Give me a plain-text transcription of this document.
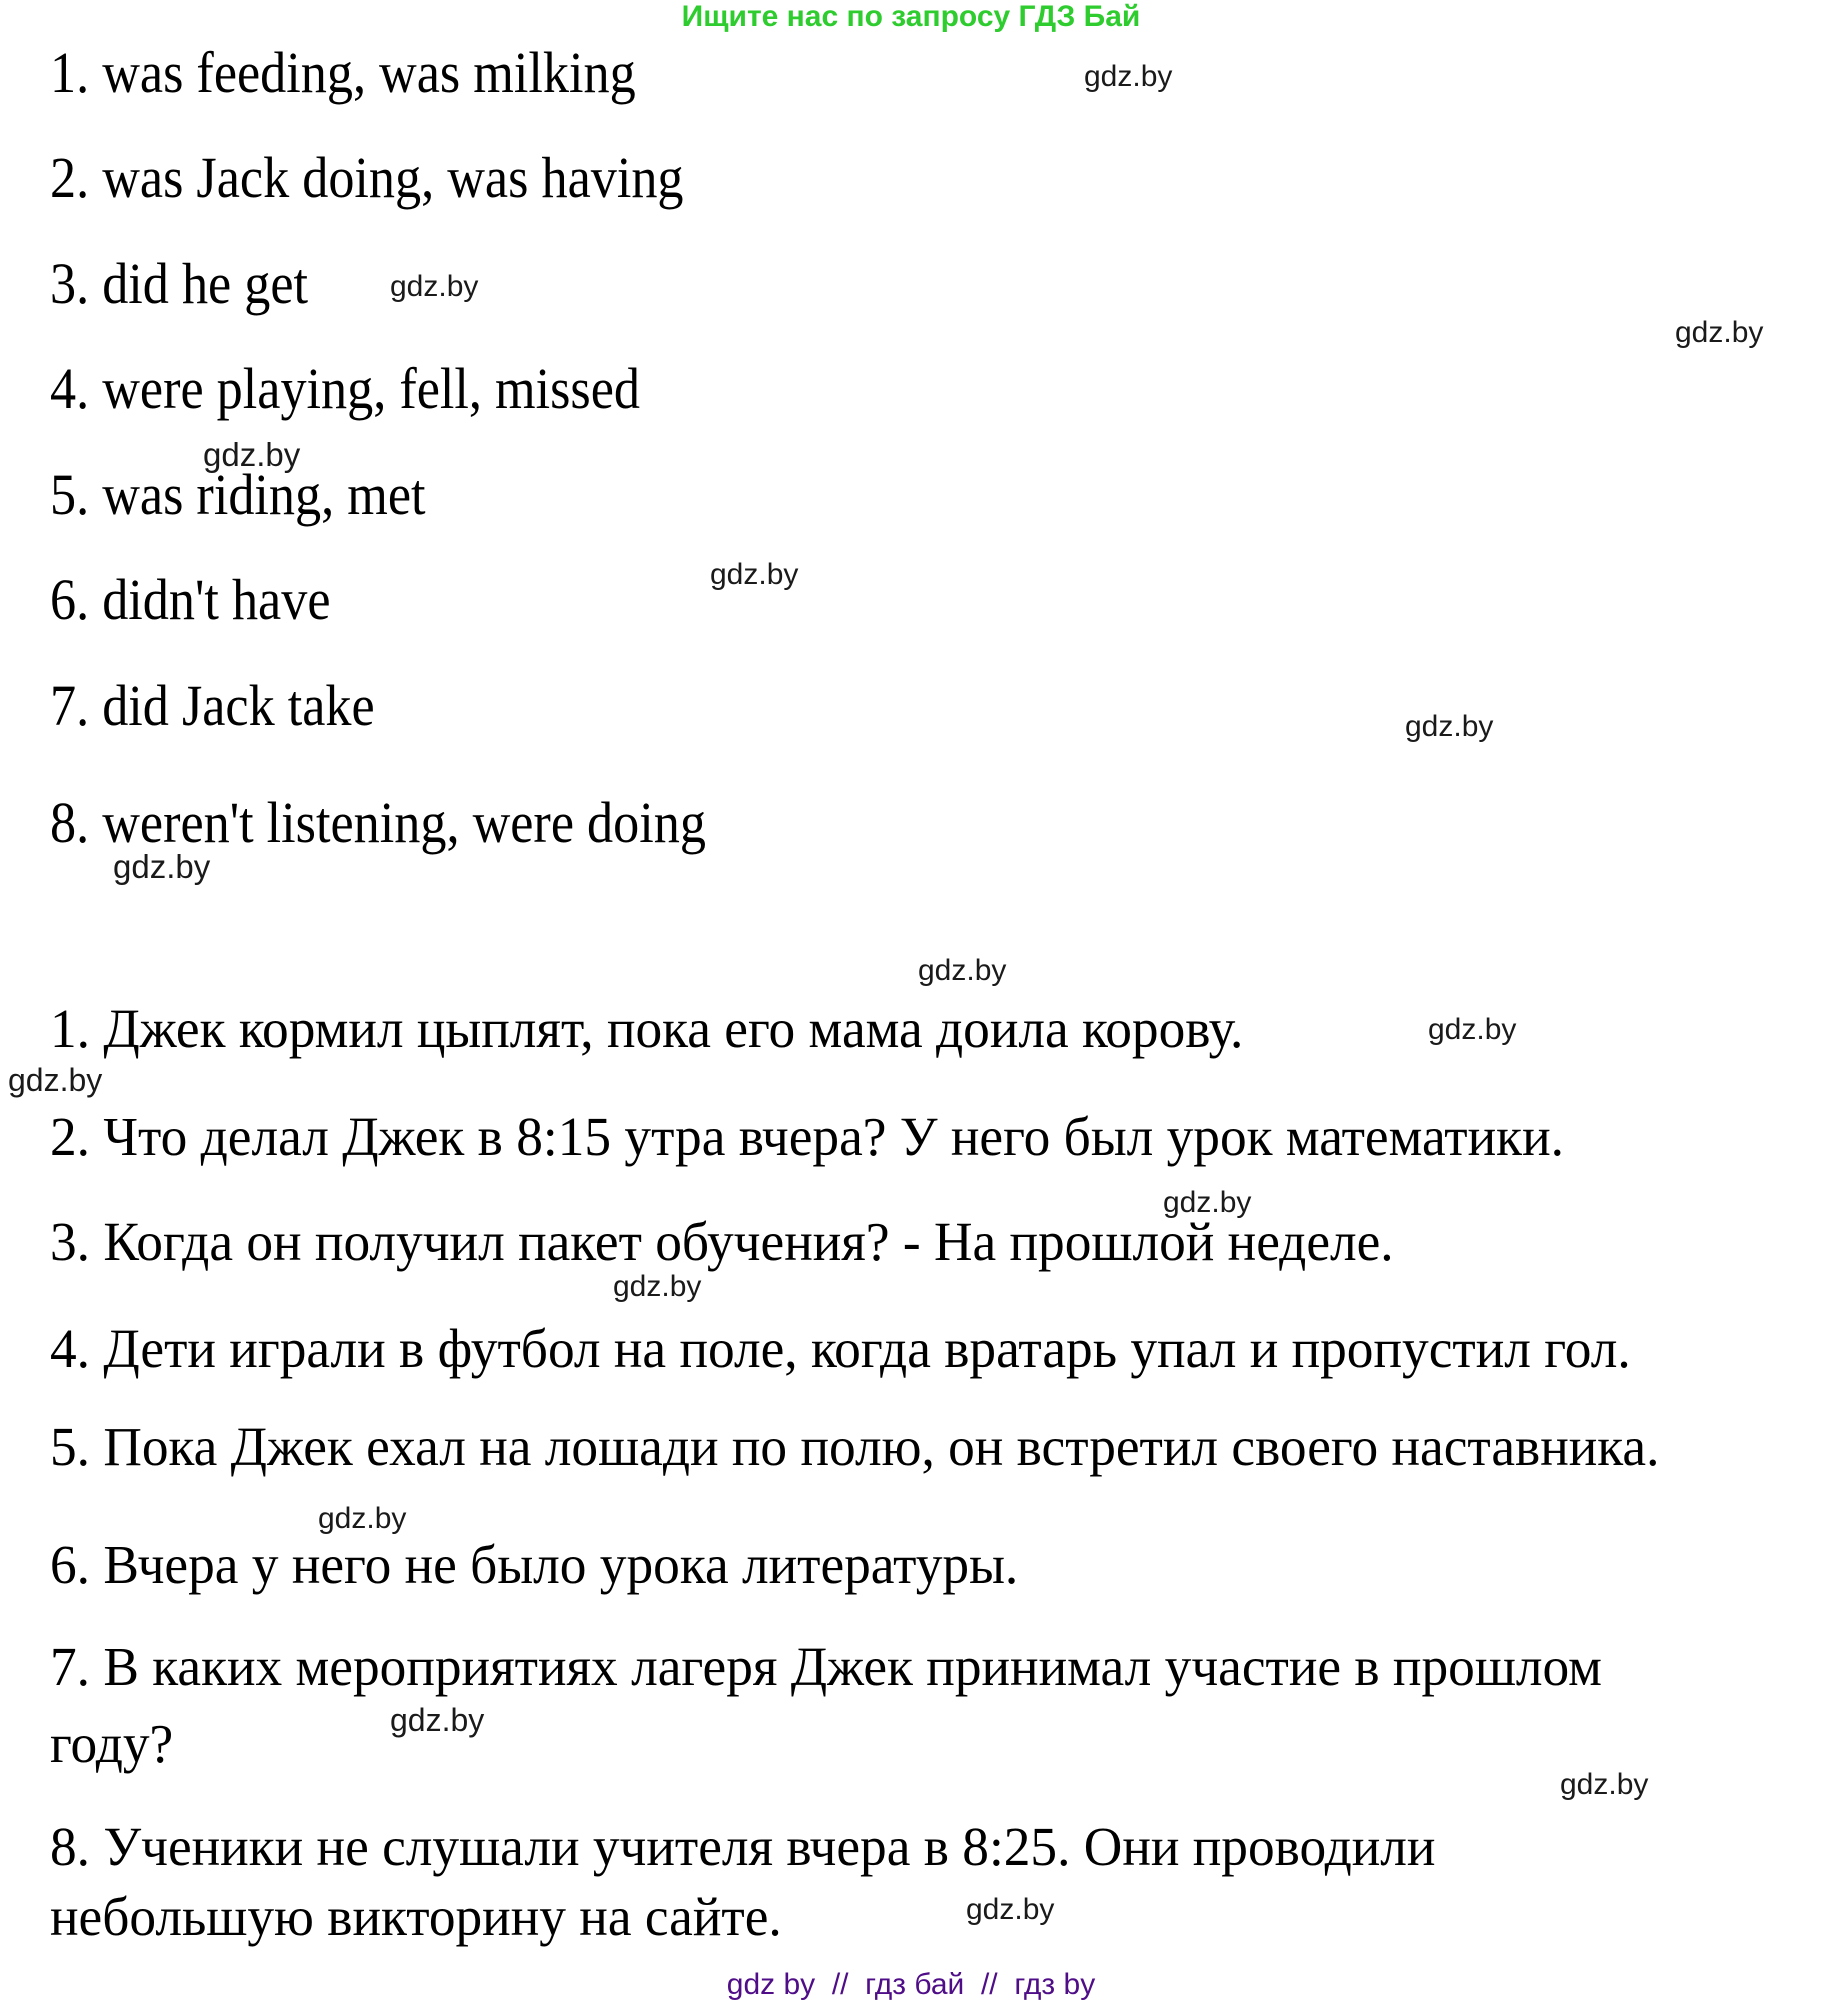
Ищите нас по запросу ГДЗ Бай
1. was feeding, was milking
2. was Jack doing, was having
3. did he get
4. were playing, fell, missed
5. was riding, met
6. didn't have
7. did Jack take
8. weren't listening, were doing
1. Джек кормил цыплят, пока его мама доила корову.
2. Что делал Джек в 8:15 утра вчера? У него был урок математики.
3. Когда он получил пакет обучения? - На прошлой неделе.
4. Дети играли в футбол на поле, когда вратарь упал и пропустил гол.
5. Пока Джек ехал на лошади по полю, он встретил своего наставника.
6. Вчера у него не было урока литературы.
7. В каких мероприятиях лагеря Джек принимал участие в прошлом
году?
8. Ученики не слушали учителя вчера в 8:25. Они проводили
небольшую викторину на сайте.
gdz.by
gdz.by
gdz.by
gdz.by
gdz.by
gdz.by
gdz.by
gdz.by
gdz.by
gdz.by
gdz.by
gdz.by
gdz.by
gdz.by
gdz.by
gdz.by
gdz by  //  гдз бай  //  гдз by
